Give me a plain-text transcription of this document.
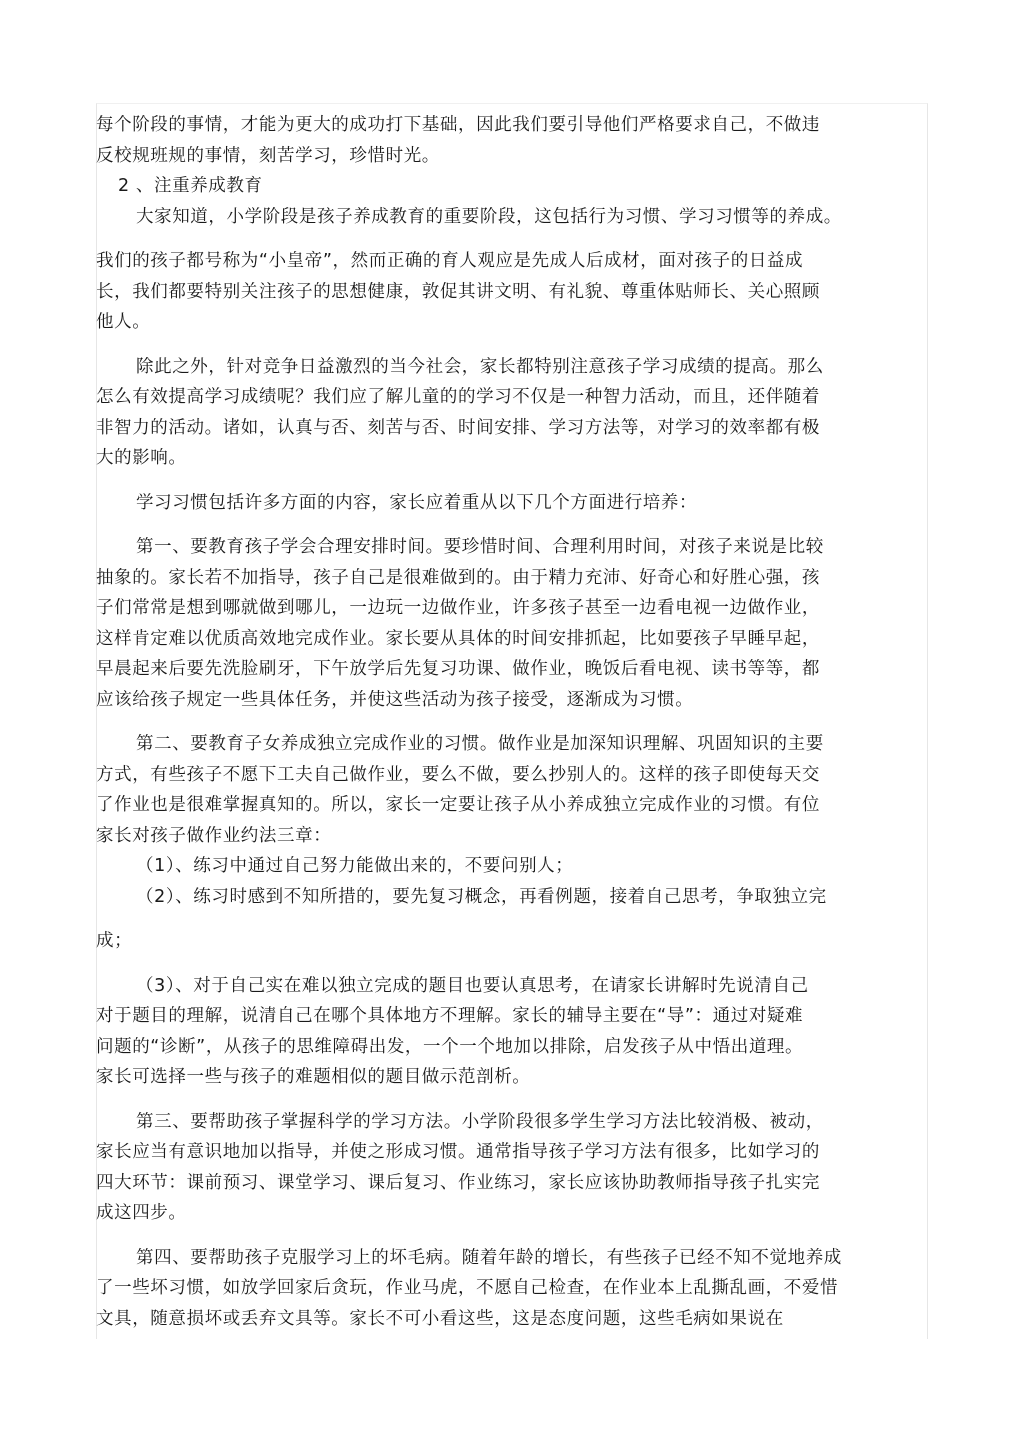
每个阶段的事情，才能为更大的成功打下基础，因此我们要引导他们严格要求自己，不做违

反校规班规的事情，刻苦学习，珍惜时光。

2 、注重养成教育

大家知道，小学阶段是孩子养成教育的重要阶段，这包括行为习惯、学习习惯等的养成。

我们的孩子都号称为“小皇帝”，然而正确的育人观应是先成人后成材，面对孩子的日益成

长，我们都要特别关注孩子的思想健康，敦促其讲文明、有礼貌、尊重体贴师长、关心照顾

他人。

除此之外，针对竞争日益激烈的当今社会，家长都特别注意孩子学习成绩的提高。那么

怎么有效提高学习成绩呢？我们应了解儿童的的学习不仅是一种智力活动，而且，还伴随着

非智力的活动。诸如，认真与否、刻苦与否、时间安排、学习方法等，对学习的效率都有极

大的影响。

学习习惯包括许多方面的内容，家长应着重从以下几个方面进行培养：

第一、要教育孩子学会合理安排时间。要珍惜时间、合理利用时间，对孩子来说是比较

抽象的。家长若不加指导，孩子自己是很难做到的。由于精力充沛、好奇心和好胜心强，孩

子们常常是想到哪就做到哪儿，一边玩一边做作业，许多孩子甚至一边看电视一边做作业，

这样肯定难以优质高效地完成作业。家长要从具体的时间安排抓起，比如要孩子早睡早起，

早晨起来后要先洗脸刷牙，下午放学后先复习功课、做作业，晚饭后看电视、读书等等，都

应该给孩子规定一些具体任务，并使这些活动为孩子接受，逐渐成为习惯。

第二、要教育子女养成独立完成作业的习惯。做作业是加深知识理解、巩固知识的主要

方式，有些孩子不愿下工夫自己做作业，要么不做，要么抄别人的。这样的孩子即使每天交

了作业也是很难掌握真知的。所以，家长一定要让孩子从小养成独立完成作业的习惯。有位

家长对孩子做作业约法三章：

（1）、练习中通过自己努力能做出来的，不要问别人；

（2）、练习时感到不知所措的，要先复习概念，再看例题，接着自己思考，争取独立完

成；

（3）、对于自己实在难以独立完成的题目也要认真思考，在请家长讲解时先说清自己

对于题目的理解，说清自己在哪个具体地方不理解。家长的辅导主要在“导”：通过对疑难

问题的“诊断”，从孩子的思维障碍出发，一个一个地加以排除，启发孩子从中悟出道理。

家长可选择一些与孩子的难题相似的题目做示范剖析。

第三、要帮助孩子掌握科学的学习方法。小学阶段很多学生学习方法比较消极、被动，

家长应当有意识地加以指导，并使之形成习惯。通常指导孩子学习方法有很多，比如学习的

四大环节：课前预习、课堂学习、课后复习、作业练习，家长应该协助教师指导孩子扎实完

成这四步。

第四、要帮助孩子克服学习上的坏毛病。随着年龄的增长，有些孩子已经不知不觉地养成

了一些坏习惯，如放学回家后贪玩，作业马虎，不愿自己检查，在作业本上乱撕乱画，不爱惜

文具，随意损坏或丢弃文具等。家长不可小看这些，这是态度问题，这些毛病如果说在
